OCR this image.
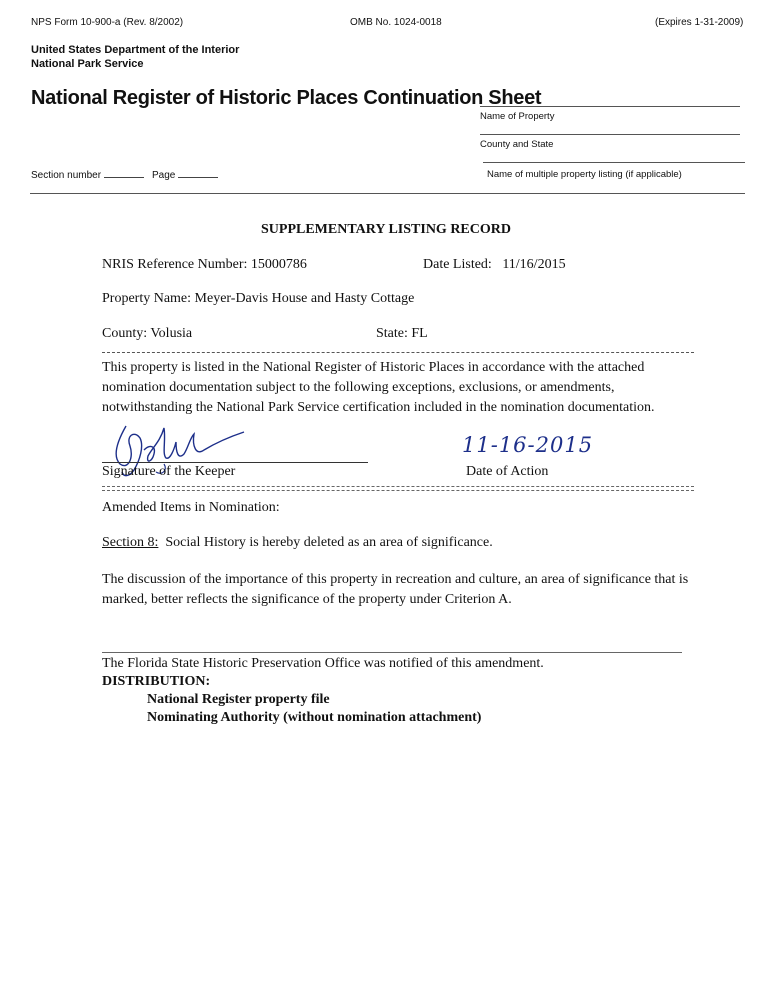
NPS Form 10-900-a (Rev. 8/2002)	OMB No. 1024-0018	(Expires 1-31-2009)
United States Department of the Interior
National Park Service
National Register of Historic Places Continuation Sheet
Name of Property
County and State
Name of multiple property listing (if applicable)
Section number	Page
SUPPLEMENTARY LISTING RECORD
NRIS Reference Number: 15000786	Date Listed: 11/16/2015
Property Name: Meyer-Davis House and Hasty Cottage
County: Volusia	State: FL
This property is listed in the National Register of Historic Places in accordance with the attached nomination documentation subject to the following exceptions, exclusions, or amendments, notwithstanding the National Park Service certification included in the nomination documentation.
Signature of the Keeper
11-16-2015
Date of Action
Amended Items in Nomination:
Section 8: Social History is hereby deleted as an area of significance.
The discussion of the importance of this property in recreation and culture, an area of significance that is marked, better reflects the significance of the property under Criterion A.
The Florida State Historic Preservation Office was notified of this amendment.
DISTRIBUTION:
National Register property file
Nominating Authority (without nomination attachment)
